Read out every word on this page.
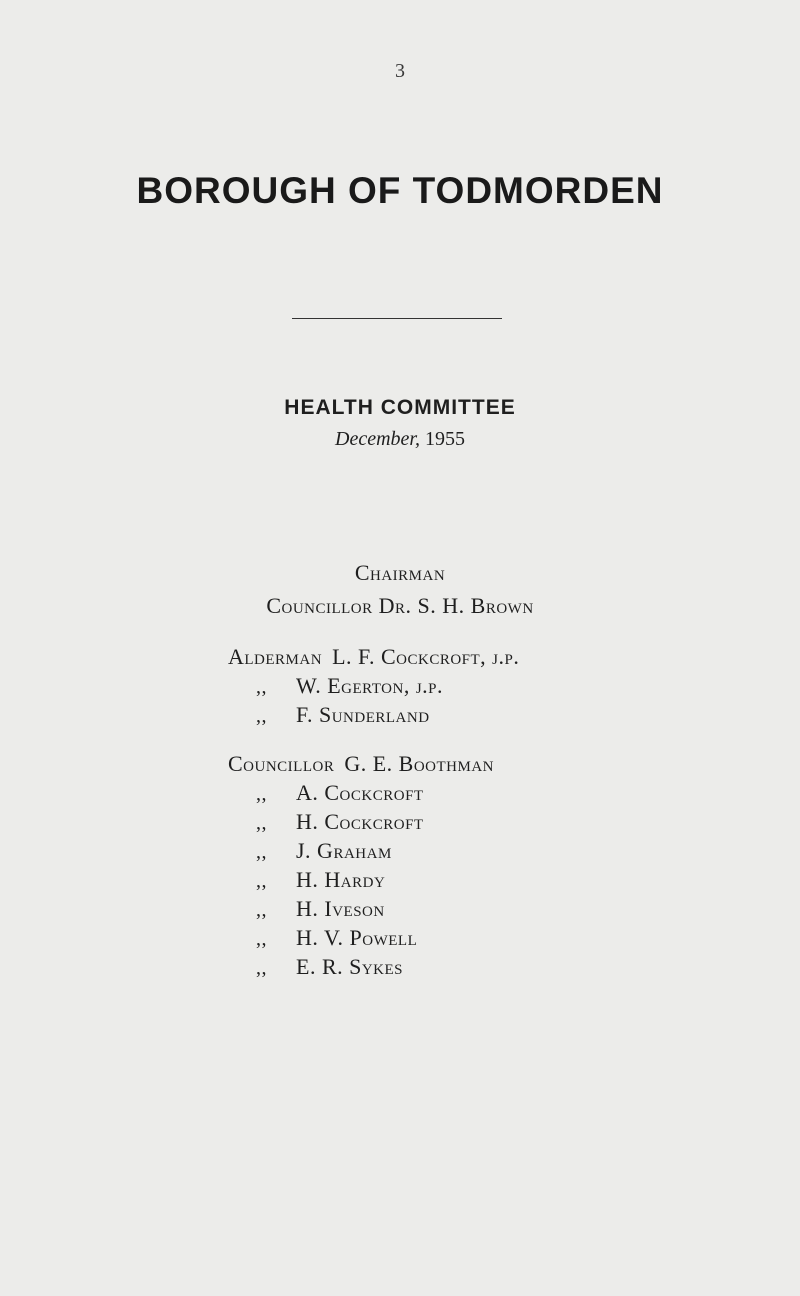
3
BOROUGH OF TODMORDEN
HEALTH COMMITTEE
December, 1955
Chairman
Councillor Dr. S. H. Brown
Alderman L. F. Cockcroft, j.p.
,, W. Egerton, j.p.
,, F. Sunderland
Councillor G. E. Boothman
,, A. Cockcroft
,, H. Cockcroft
,, J. Graham
,, H. Hardy
,, H. Iveson
,, H. V. Powell
,, E. R. Sykes
